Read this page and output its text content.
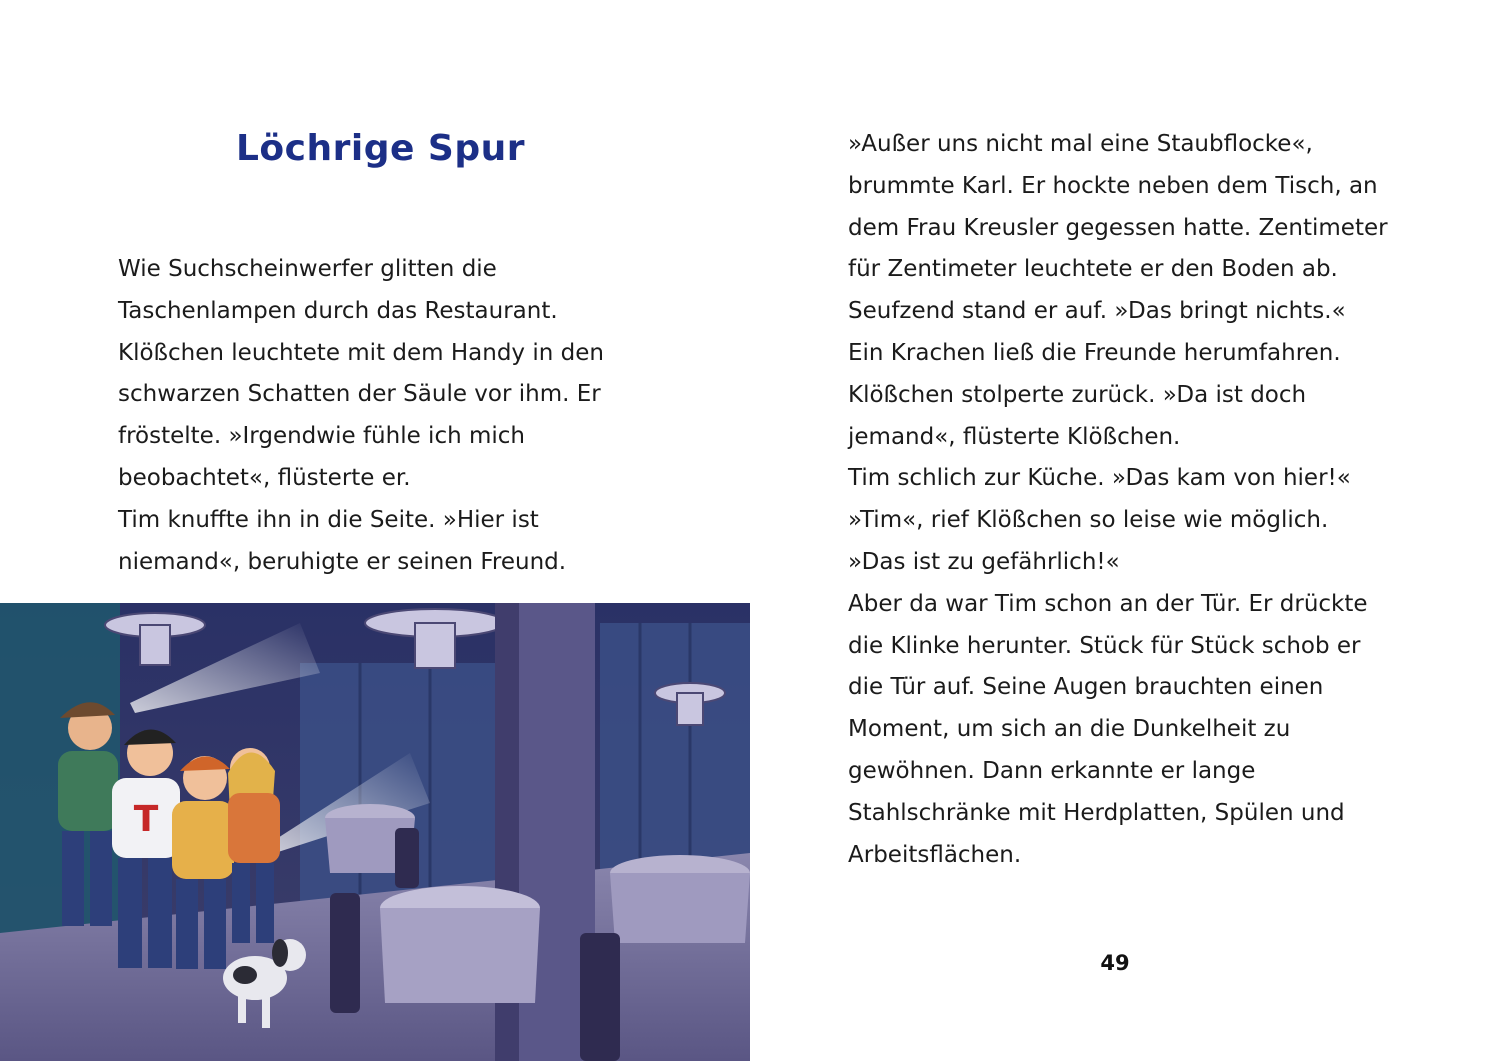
Löchrige Spur
Wie Suchscheinwerfer glitten die
Taschenlampen durch das Restaurant.
Klößchen leuchtete mit dem Handy in den
schwarzen Schatten der Säule vor ihm. Er
fröstelte. »Irgendwie fühle ich mich
beobachtet«, flüsterte er.
Tim knuffte ihn in die Seite. »Hier ist
niemand«, beruhigte er seinen Freund.
T
»Außer uns nicht mal eine Staubflocke«,
brummte Karl. Er hockte neben dem Tisch, an
dem Frau Kreusler gegessen hatte. Zentimeter
für Zentimeter leuchtete er den Boden ab.
Seufzend stand er auf. »Das bringt nichts.«
Ein Krachen ließ die Freunde herumfahren.
Klößchen stolperte zurück. »Da ist doch
jemand«, flüsterte Klößchen.
Tim schlich zur Küche. »Das kam von hier!«
»Tim«, rief Klößchen so leise wie möglich.
»Das ist zu gefährlich!«
Aber da war Tim schon an der Tür. Er drückte
die Klinke herunter. Stück für Stück schob er
die Tür auf. Seine Augen brauchten einen
Moment, um sich an die Dunkelheit zu
gewöhnen. Dann erkannte er lange
Stahlschränke mit Herdplatten, Spülen und
Arbeitsflächen.
49
